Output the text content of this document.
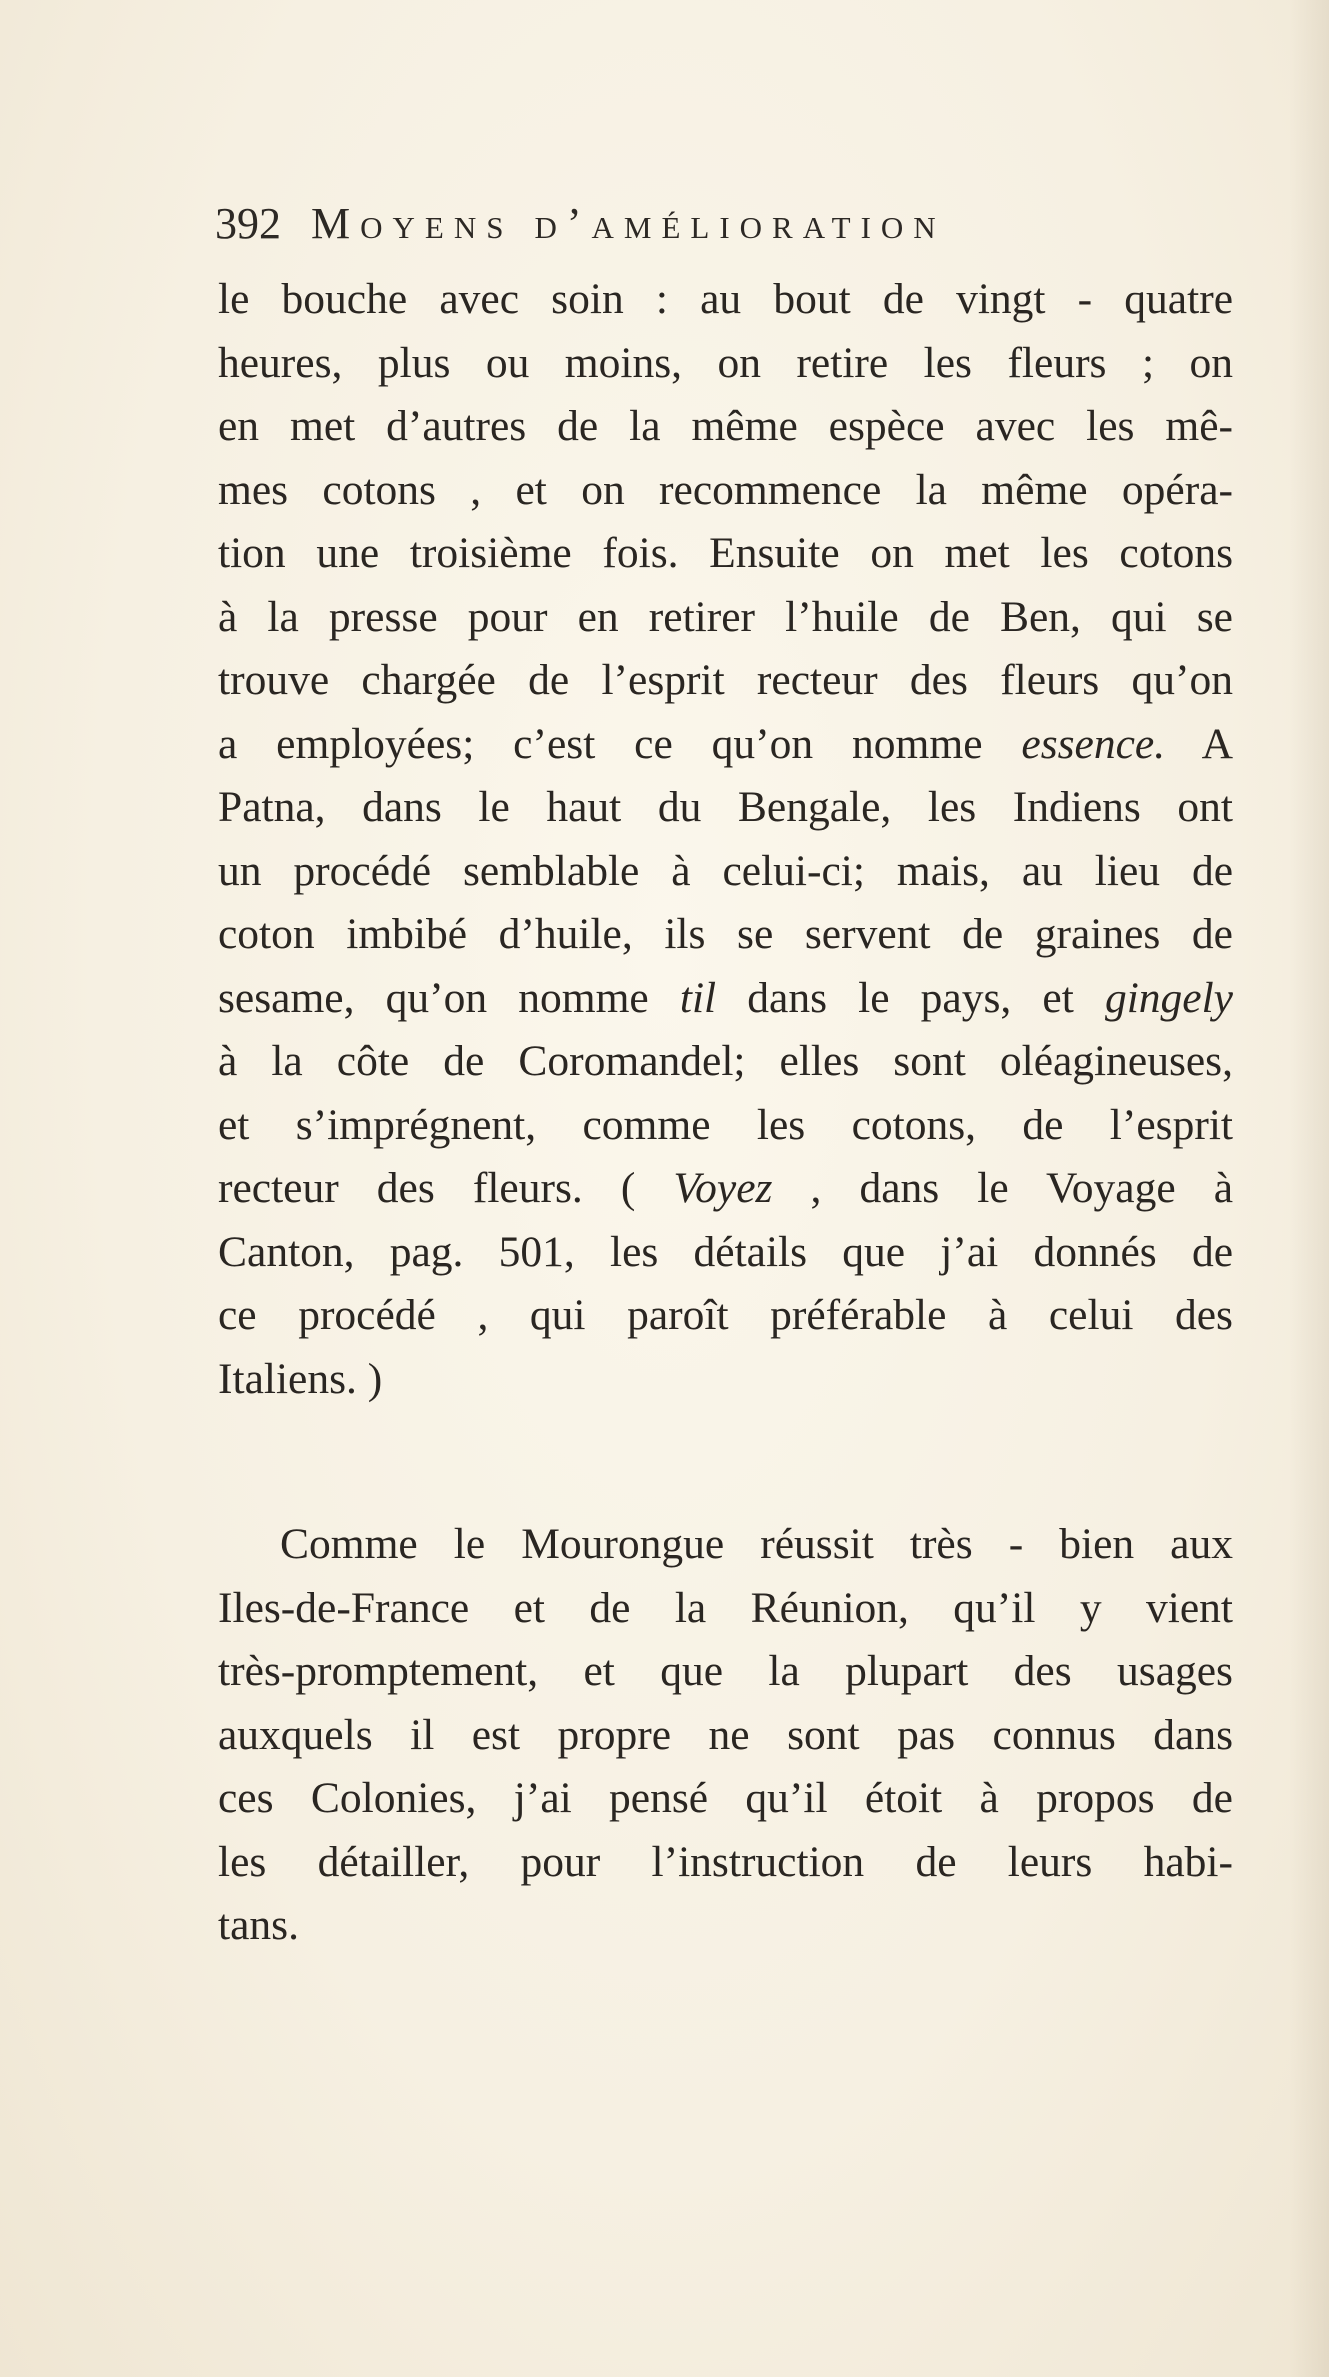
392 Moyens d’amélioration
le bouche avec soin : au bout de vingt - quatre
heures, plus ou moins, on retire les fleurs ; on
en met d’autres de la même espèce avec les mê-
mes cotons , et on recommence la même opéra-
tion une troisième fois. Ensuite on met les cotons
à la presse pour en retirer l’huile de Ben, qui se
trouve chargée de l’esprit recteur des fleurs qu’on
a employées; c’est ce qu’on nomme essence. A
Patna, dans le haut du Bengale, les Indiens ont
un procédé semblable à celui-ci; mais, au lieu de
coton imbibé d’huile, ils se servent de graines de
sesame, qu’on nomme til dans le pays, et gingely
à la côte de Coromandel; elles sont oléagineuses,
et s’imprégnent, comme les cotons, de l’esprit
recteur des fleurs. ( Voyez , dans le Voyage à
Canton, pag. 501, les détails que j’ai donnés de
ce procédé , qui paroît préférable à celui des
Italiens. )
Comme le Mourongue réussit très - bien aux
Iles-de-France et de la Réunion, qu’il y vient
très-promptement, et que la plupart des usages
auxquels il est propre ne sont pas connus dans
ces Colonies, j’ai pensé qu’il étoit à propos de
les détailler, pour l’instruction de leurs habi-
tans.
